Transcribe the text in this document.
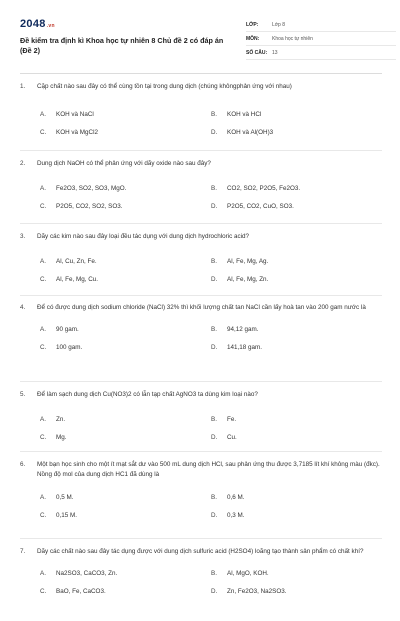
2048.vn
Đề kiểm tra định kì Khoa học tự nhiên 8 Chủ đề 2 có đáp án (Đề 2)
LỚP:	Lớp 8
MÔN:	Khoa học tự nhiên
SỐ CÂU: 13
1.	Cặp chất nào sau đây có thể cùng tồn tại trong dung dịch (chúng khôngphản ứng với nhau)
A.	KOH và NaCl	B.	KOH và HCl
C.	KOH và MgCl2	D.	KOH và Al(OH)3
2.	Dung dịch NaOH có thể phản ứng với dãy oxide nào sau đây?
A.	Fe2O3, SO2, SO3, MgO.	B.	CO2, SO2, P2O5, Fe2O3.
C.	P2O5, CO2, SO2, SO3.	D.	P2O5, CO2, CuO, SO3.
3.	Dãy các kim nào sau đây loại đều tác dụng với dung dịch hydrochloric acid?
A.	Al, Cu, Zn, Fe.	B.	Al, Fe, Mg, Ag.
C.	Al, Fe, Mg, Cu.	D.	Al, Fe, Mg, Zn.
4.	Để có được dung dịch sodium chloride (NaCl) 32% thì khối lượng chất tan NaCl cần lấy hoà tan vào 200 gam nước là
A.	90 gam.	B.	94,12 gam.
C.	100 gam.	D.	141,18 gam.
5.	Để làm sạch dung dịch Cu(NO3)2 có lẫn tạp chất AgNO3 ta dùng kim loại nào?
A.	Zn.	B.	Fe.
C.	Mg.	D.	Cu.
6.	Một bạn học sinh cho một ít mạt sắt dư vào 500 mL dung dịch HCl, sau phản ứng thu được 3,7185 lít khí không màu (đkc). Nồng độ mol của dung dịch HC1 đã dùng là
A.	0,5 M.	B.	0,6 M.
C.	0,15 M.	D.	0,3 M.
7.	Dãy các chất nào sau đây tác dụng được với dung dịch sulfuric acid (H2SO4) loãng tạo thành sản phẩm có chất khí?
A.	Na2SO3, CaCO3, Zn.	B.	Al, MgO, KOH.
C.	BaO, Fe, CaCO3.	D.	Zn, Fe2O3, Na2SO3.
